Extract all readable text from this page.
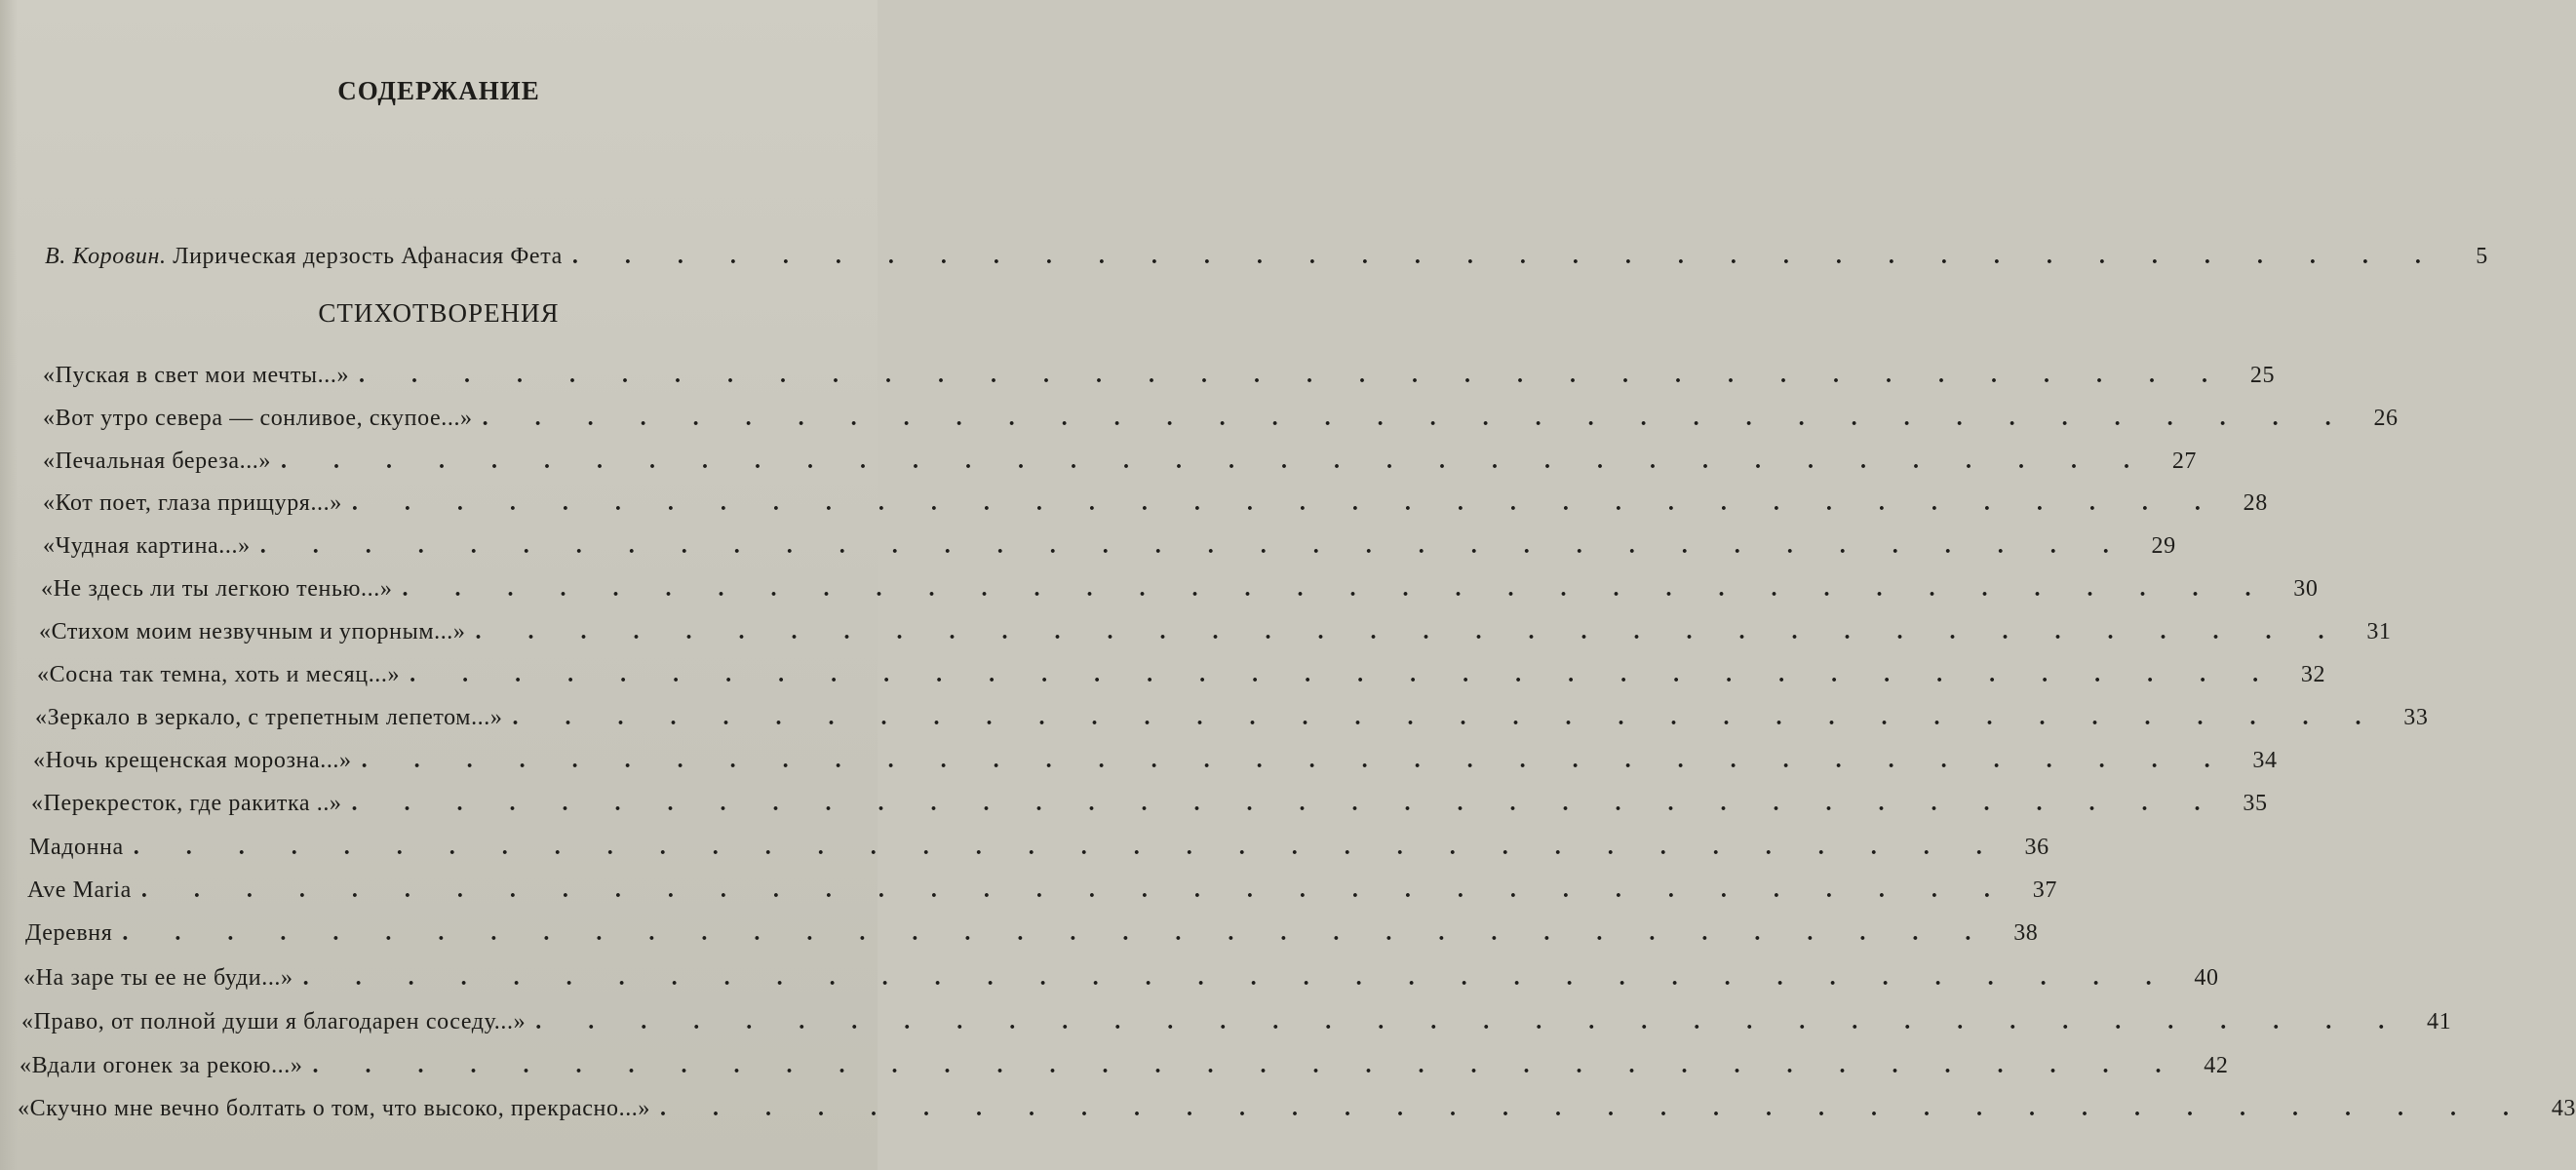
СОДЕРЖАНИЕ
В. Коровин. Лирическая дерзость Афанасия Фета . . . . . . . . . . . . . . . . . . . . . . . . . . . . . . . . . . . .	5
СТИХОТВОРЕНИЯ
«Пуская в свет мои мечты...» . . . . . . . . . . . . . . . . . . . . . . . . . . . . . . . . . . . . 25
«Вот утро севера — сонливое, скупое...» . . . . . . . . . . . . . . . . . . . . . . . . . . . . . . . . . . . . 26
«Печальная береза...» . . . . . . . . . . . . . . . . . . . . . . . . . . . . . . . . . . . . 27
«Кот поет, глаза прищуря...» . . . . . . . . . . . . . . . . . . . . . . . . . . . . . . . . . . . . 28
«Чудная картина...» . . . . . . . . . . . . . . . . . . . . . . . . . . . . . . . . . . . . 29
«Не здесь ли ты легкою тенью...» . . . . . . . . . . . . . . . . . . . . . . . . . . . . . . . . . . . . 30
«Стихом моим незвучным и упорным...» . . . . . . . . . . . . . . . . . . . . . . . . . . . . . . . . . . . . 31
«Сосна так темна, хоть и месяц...» . . . . . . . . . . . . . . . . . . . . . . . . . . . . . . . . . . . . 32
«Зеркало в зеркало, с трепетным лепетом...» . . . . . . . . . . . . . . . . . . . . . . . . . . . . . . . . . . . . 33
«Ночь крещенская морозна...» . . . . . . . . . . . . . . . . . . . . . . . . . . . . . . . . . . . . 34
«Перекресток, где ракитка ..» . . . . . . . . . . . . . . . . . . . . . . . . . . . . . . . . . . . . 35
Мадонна . . . . . . . . . . . . . . . . . . . . . . . . . . . . . . . . . . . . 36
Ave Maria . . . . . . . . . . . . . . . . . . . . . . . . . . . . . . . . . . . . 37
Деревня . . . . . . . . . . . . . . . . . . . . . . . . . . . . . . . . . . . . 38
«На заре ты ее не буди...» . . . . . . . . . . . . . . . . . . . . . . . . . . . . . . . . . . . . 40
«Право, от полной души я благодарен соседу...» . . . . . . . . . . . . . . . . . . . . . . . . . . . . . . . . . . . . 41
«Вдали огонек за рекою...» . . . . . . . . . . . . . . . . . . . . . . . . . . . . . . . . . . . . 42
«Скучно мне вечно болтать о том, что высоко, прекрасно...» . . . . . . . . . . . . . . . . . . . . . . . . . . . . . . . . . . . . 43
